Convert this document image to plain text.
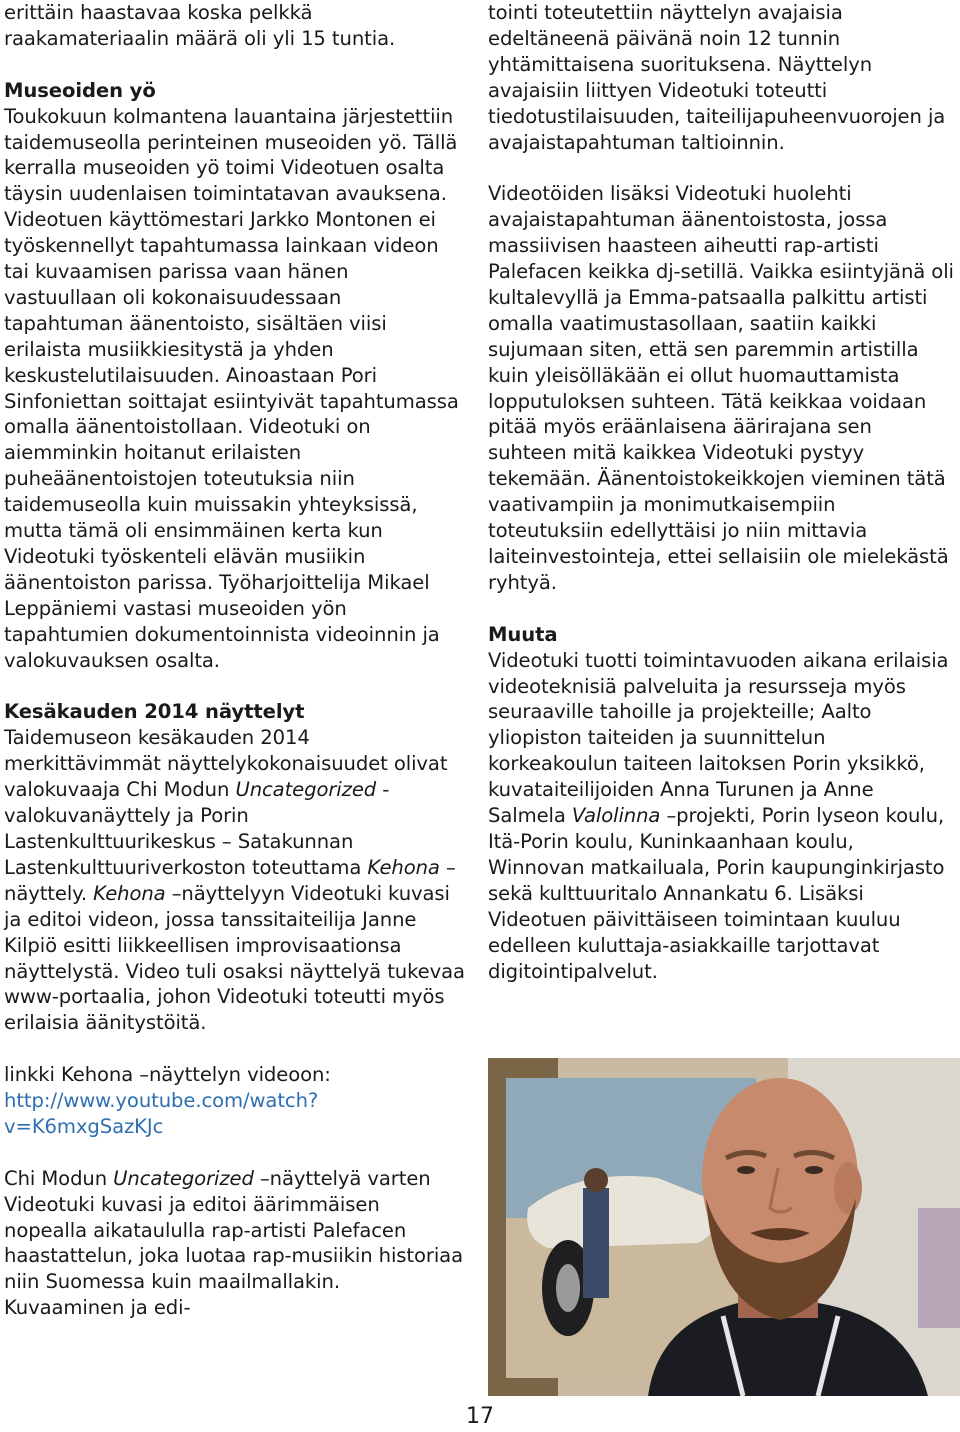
erittäin haastavaa koska pelkkä raakamateriaalin määrä oli yli 15 tuntia.

Museoiden yö

Toukokuun kolmantena lauantaina järjestettiin taidemuseolla perinteinen museoiden yö. Tällä kerralla museoiden yö toimi Videotuen osalta täysin uudenlaisen toimintatavan avauksena. Videotuen käyttömestari Jarkko Montonen ei työskennellyt tapahtumassa lainkaan videon tai kuvaamisen parissa vaan hänen vastuullaan oli kokonaisuudessaan tapahtuman äänentoisto, sisältäen viisi erilaista musiikkiesitystä ja yhden keskustelutilaisuuden. Ainoastaan Pori Sinfoniettan soittajat esiintyivät tapahtumassa omalla äänentoistollaan. Videotuki on aiemminkin hoitanut erilaisten puheäänentoistojen toteutuksia niin taidemuseolla kuin muissakin yhteyksissä, mutta tämä oli ensimmäinen kerta kun Videotuki työskenteli elävän musiikin äänentoiston parissa. Työharjoittelija Mikael Leppäniemi vastasi museoiden yön tapahtumien dokumentoinnista videoinnin ja valokuvauksen osalta.

Kesäkauden 2014 näyttelyt

Taidemuseon kesäkauden 2014 merkittävimmät näyttelykokonaisuudet olivat valokuvaaja Chi Modun Uncategorized -valokuvanäyttely ja Porin Lastenkulttuurikeskus – Satakunnan Lastenkulttuuriverkoston toteuttama Kehona –näyttely. Kehona –näyttelyyn Videotuki kuvasi ja editoi videon, jossa tanssitaiteilija Janne Kilpiö esitti liikkeellisen improvisaationsa näyttelystä. Video tuli osaksi näyttelyä tukevaa www-portaalia, johon Videotuki toteutti myös erilaisia äänitystöitä.

linkki Kehona –näyttelyn videoon: http://www.youtube.com/watch?v=K6mxgSazKJc

Chi Modun Uncategorized –näyttelyä varten Videotuki kuvasi ja editoi äärimmäisen nopealla aikataululla rap-artisti Palefacen haastattelun, joka luotaa rap-musiikin historiaa niin Suomessa kuin maailmallakin. Kuvaaminen ja edi-

tointi toteutettiin näyttelyn avajaisia edeltäneenä päivänä noin 12 tunnin yhtämittaisena suorituksena. Näyttelyn avajaisiin liittyen Videotuki toteutti tiedotustilaisuuden, taiteilijapuheenvuorojen ja avajaistapahtuman taltioinnin.

Videotöiden lisäksi Videotuki huolehti avajaistapahtuman äänentoistosta, jossa massiivisen haasteen aiheutti rap-artisti Palefacen keikka dj-setillä. Vaikka esiintyjänä oli kultalevyllä ja Emma-patsaalla palkittu artisti omalla vaatimustasollaan, saatiin kaikki sujumaan siten, että sen paremmin artistilla kuin yleisölläkään ei ollut huomauttamista lopputuloksen suhteen. Tätä keikkaa voidaan pitää myös eräänlaisena äärirajana sen suhteen mitä kaikkea Videotuki pystyy tekemään. Äänentoistokeikkojen vieminen tätä vaativampiin ja monimutkaisempiin toteutuksiin edellyttäisi jo niin mittavia laiteinvestointeja, ettei sellaisiin ole mielekästä ryhtyä.

Muuta

Videotuki tuotti toimintavuoden aikana erilaisia videoteknisiä palveluita ja resursseja myös seuraaville tahoille ja projekteille; Aalto yliopiston taiteiden ja suunnittelun korkeakoulun taiteen laitoksen Porin yksikkö, kuvataiteilijoiden Anna Turunen ja Anne Salmela Valolinna –projekti, Porin lyseon koulu, Itä-Porin koulu, Kuninkaanhaan koulu, Winnovan matkailuala, Porin kaupunginkirjasto sekä kulttuuritalo Annankatu 6. Lisäksi Videotuen päivittäiseen toimintaan kuuluu edelleen kuluttaja-asiakkaille tarjottavat digitointipalvelut.

17
